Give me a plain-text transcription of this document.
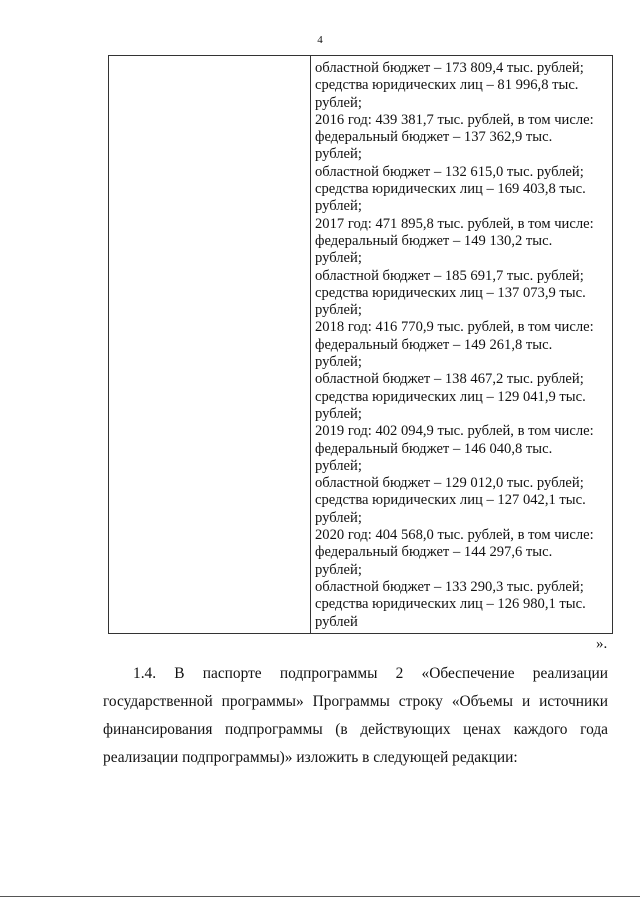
4
областной бюджет – 173 809,4 тыс. рублей;
средства юридических лиц – 81 996,8 тыс.
рублей;
2016 год: 439 381,7 тыс. рублей, в том числе:
федеральный бюджет – 137 362,9 тыс.
рублей;
областной бюджет – 132 615,0 тыс. рублей;
средства юридических лиц – 169 403,8 тыс.
рублей;
2017 год: 471 895,8 тыс. рублей, в том числе:
федеральный бюджет – 149 130,2 тыс.
рублей;
областной бюджет – 185 691,7 тыс. рублей;
средства юридических лиц – 137 073,9 тыс.
рублей;
2018 год: 416 770,9 тыс. рублей, в том числе:
федеральный бюджет – 149 261,8 тыс.
рублей;
областной бюджет – 138 467,2 тыс. рублей;
средства юридических лиц – 129 041,9 тыс.
рублей;
2019 год: 402 094,9 тыс. рублей, в том числе:
федеральный бюджет – 146 040,8 тыс.
рублей;
областной бюджет – 129 012,0 тыс. рублей;
средства юридических лиц – 127 042,1 тыс.
рублей;
2020 год: 404 568,0 тыс. рублей, в том числе:
федеральный бюджет – 144 297,6 тыс.
рублей;
областной бюджет – 133 290,3 тыс. рублей;
средства юридических лиц – 126 980,1 тыс.
рублей
».
1.4. В паспорте подпрограммы 2 «Обеспечение реализации государственной программы» Программы строку «Объемы и источники финансирования подпрограммы (в действующих ценах каждого года реализации подпрограммы)» изложить в следующей редакции:
